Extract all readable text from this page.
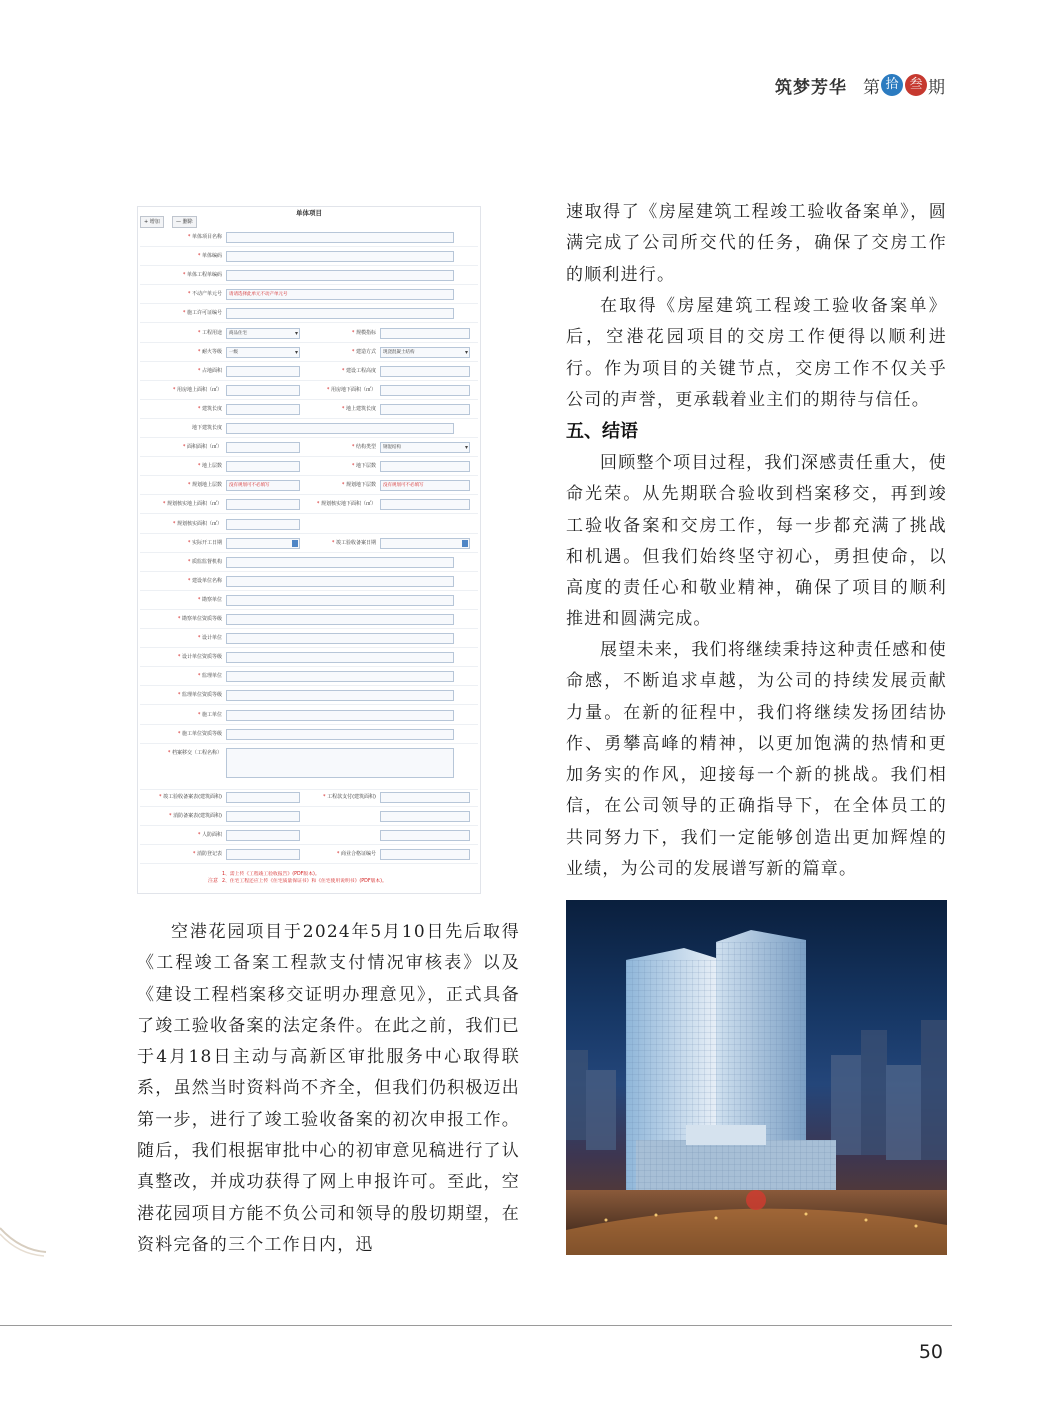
筑梦芳华 第 拾 叁 期
单体项目
+ 增加	— 删除
* 单体项目名称
* 单体编码
* 单体工程单编码
* 不动产单元号	请请选择此单元不动产单元号
* 施工许可证编号
* 工程用途	商品住宅 ▾	* 规模指标
* 耐火等级	一级 ▾	* 建造方式	现浇混凝土结构 ▾
* 占地面积	* 建设工程高度
* 用房地上面积（㎡）	* 用房地下面积（㎡）
* 建筑长度	* 地上建筑长度
地下建筑长度
* 面积面积（㎡）	* 结构类型	钢混结构 ▾
* 地上层数	* 地下层数
* 规划地上层数	没有规划可不必填写	* 规划地下层数	没有规划可不必填写
* 规划核实地上面积（㎡）	* 规划核实地下面积（㎡）
* 规划核实面积（㎡）
* 实际开工日期	* 竣工验收备案日期
* 质监监督机构
* 建设单位名称
* 勘察单位
* 勘察单位资质等级
* 设计单位
* 设计单位资质等级
* 监理单位
* 监理单位资质等级
* 施工单位
* 施工单位资质等级
* 档案移交（工程名称）
* 竣工验收备案表(建筑面积)	* 工程款支付(建筑面积)
* 消防备案表(建筑面积)
* 人防面积
* 消防登记表	* 商业合格证编号
注意
1、需上传《工程竣工验收报告》(PDF版本)。
2、住宅工程还应上传《住宅质量保证书》和《住宅使用说明书》(PDF版本)。

速取得了《房屋建筑工程竣工验收备案单》，圆满完成了公司所交代的任务，确保了交房工作的顺利进行。

在取得《房屋建筑工程竣工验收备案单》后，空港花园项目的交房工作便得以顺利进行。作为项目的关键节点，交房工作不仅关乎公司的声誉，更承载着业主们的期待与信任。

五、结语

回顾整个项目过程，我们深感责任重大，使命光荣。从先期联合验收到档案移交，再到竣工验收备案和交房工作，每一步都充满了挑战和机遇。但我们始终坚守初心，勇担使命，以高度的责任心和敬业精神，确保了项目的顺利推进和圆满完成。

展望未来，我们将继续秉持这种责任感和使命感，不断追求卓越，为公司的持续发展贡献力量。在新的征程中，我们将继续发扬团结协作、勇攀高峰的精神，以更加饱满的热情和更加务实的作风，迎接每一个新的挑战。我们相信，在公司领导的正确指导下，在全体员工的共同努力下，我们一定能够创造出更加辉煌的业绩，为公司的发展谱写新的篇章。

空港花园项目于2024年5月10日先后取得《工程竣工备案工程款支付情况审核表》以及《建设工程档案移交证明办理意见》，正式具备了竣工验收备案的法定条件。在此之前，我们已于4月18日主动与高新区审批服务中心取得联系，虽然当时资料尚不齐全，但我们仍积极迈出第一步，进行了竣工验收备案的初次申报工作。随后，我们根据审批中心的初审意见稿进行了认真整改，并成功获得了网上申报许可。至此，空港花园项目方能不负公司和领导的殷切期望，在资料完备的三个工作日内，迅

50
